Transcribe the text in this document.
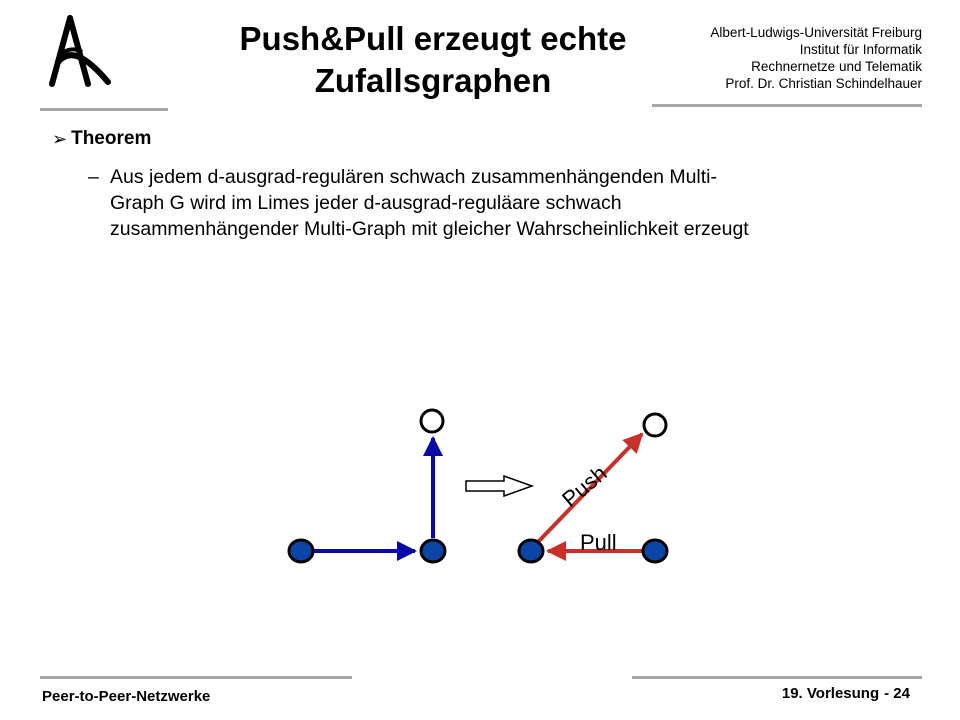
Push&Pull erzeugt echte
Zufallsgraphen
Albert-Ludwigs-Universität Freiburg
Institut für Informatik
Rechnernetze und Telematik
Prof. Dr. Christian Schindelhauer
➢ Theorem
– Aus jedem d-ausgrad-regulären schwach zusammenhängenden Multi-
Graph G wird im Limes jeder d-ausgrad-reguläare schwach
zusammenhängender Multi-Graph mit gleicher Wahrscheinlichkeit erzeugt
Push
Pull
Peer-to-Peer-Netzwerke	19. Vorlesung - 24
